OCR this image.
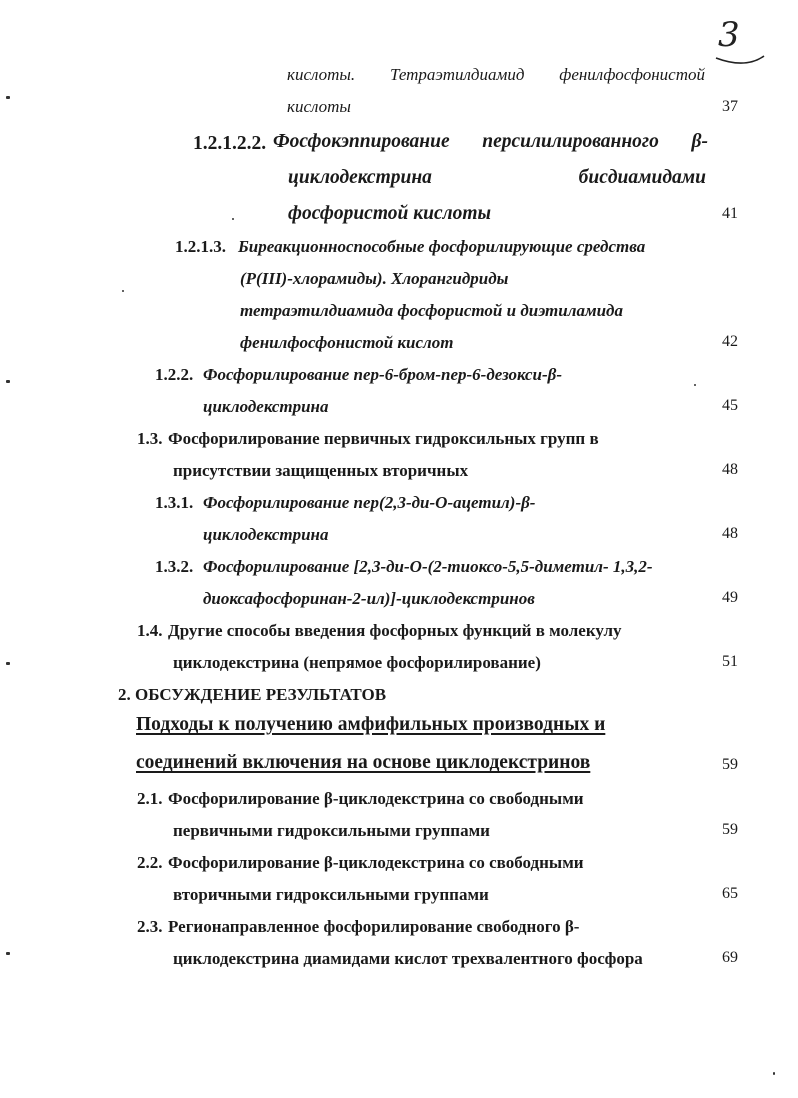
3
кислоты. Тетраэтилдиамид фенилфосфонистой
кислоты	37
1.2.1.2.2. Фосфокэппирование персилилированного β-
циклодекстрина	бисдиамидами
фосфористой кислоты	41
1.2.1.3. Биреакционноспособные фосфорилирующие средства
(P(III)-хлорамиды). Хлорангидриды
тетраэтилдиамида фосфористой и диэтиламида
фенилфосфонистой кислот	42
1.2.2. Фосфорилирование пер-6-бром-пер-6-дезокси-β-
циклодекстрина	45
1.3. Фосфорилирование первичных гидроксильных групп в
присутствии защищенных вторичных	48
1.3.1. Фосфорилирование пер(2,3-ди-О-ацетил)-β-
циклодекстрина	48
1.3.2. Фосфорилирование [2,3-ди-О-(2-тиоксо-5,5-диметил- 1,3,2-
диоксафосфоринан-2-ил)]-циклодекстринов	49
1.4. Другие способы введения фосфорных функций в молекулу
циклодекстрина (непрямое фосфорилирование)	51
2. ОБСУЖДЕНИЕ РЕЗУЛЬТАТОВ
Подходы к получению амфифильных производных и
соединений включения на основе циклодекстринов	59
2.1. Фосфорилирование β-циклодекстрина со свободными
первичными гидроксильными группами	59
2.2. Фосфорилирование β-циклодекстрина со свободными
вторичными гидроксильными группами	65
2.3. Регионаправленное фосфорилирование свободного β-
циклодекстрина диамидами кислот трехвалентного фосфора	69
